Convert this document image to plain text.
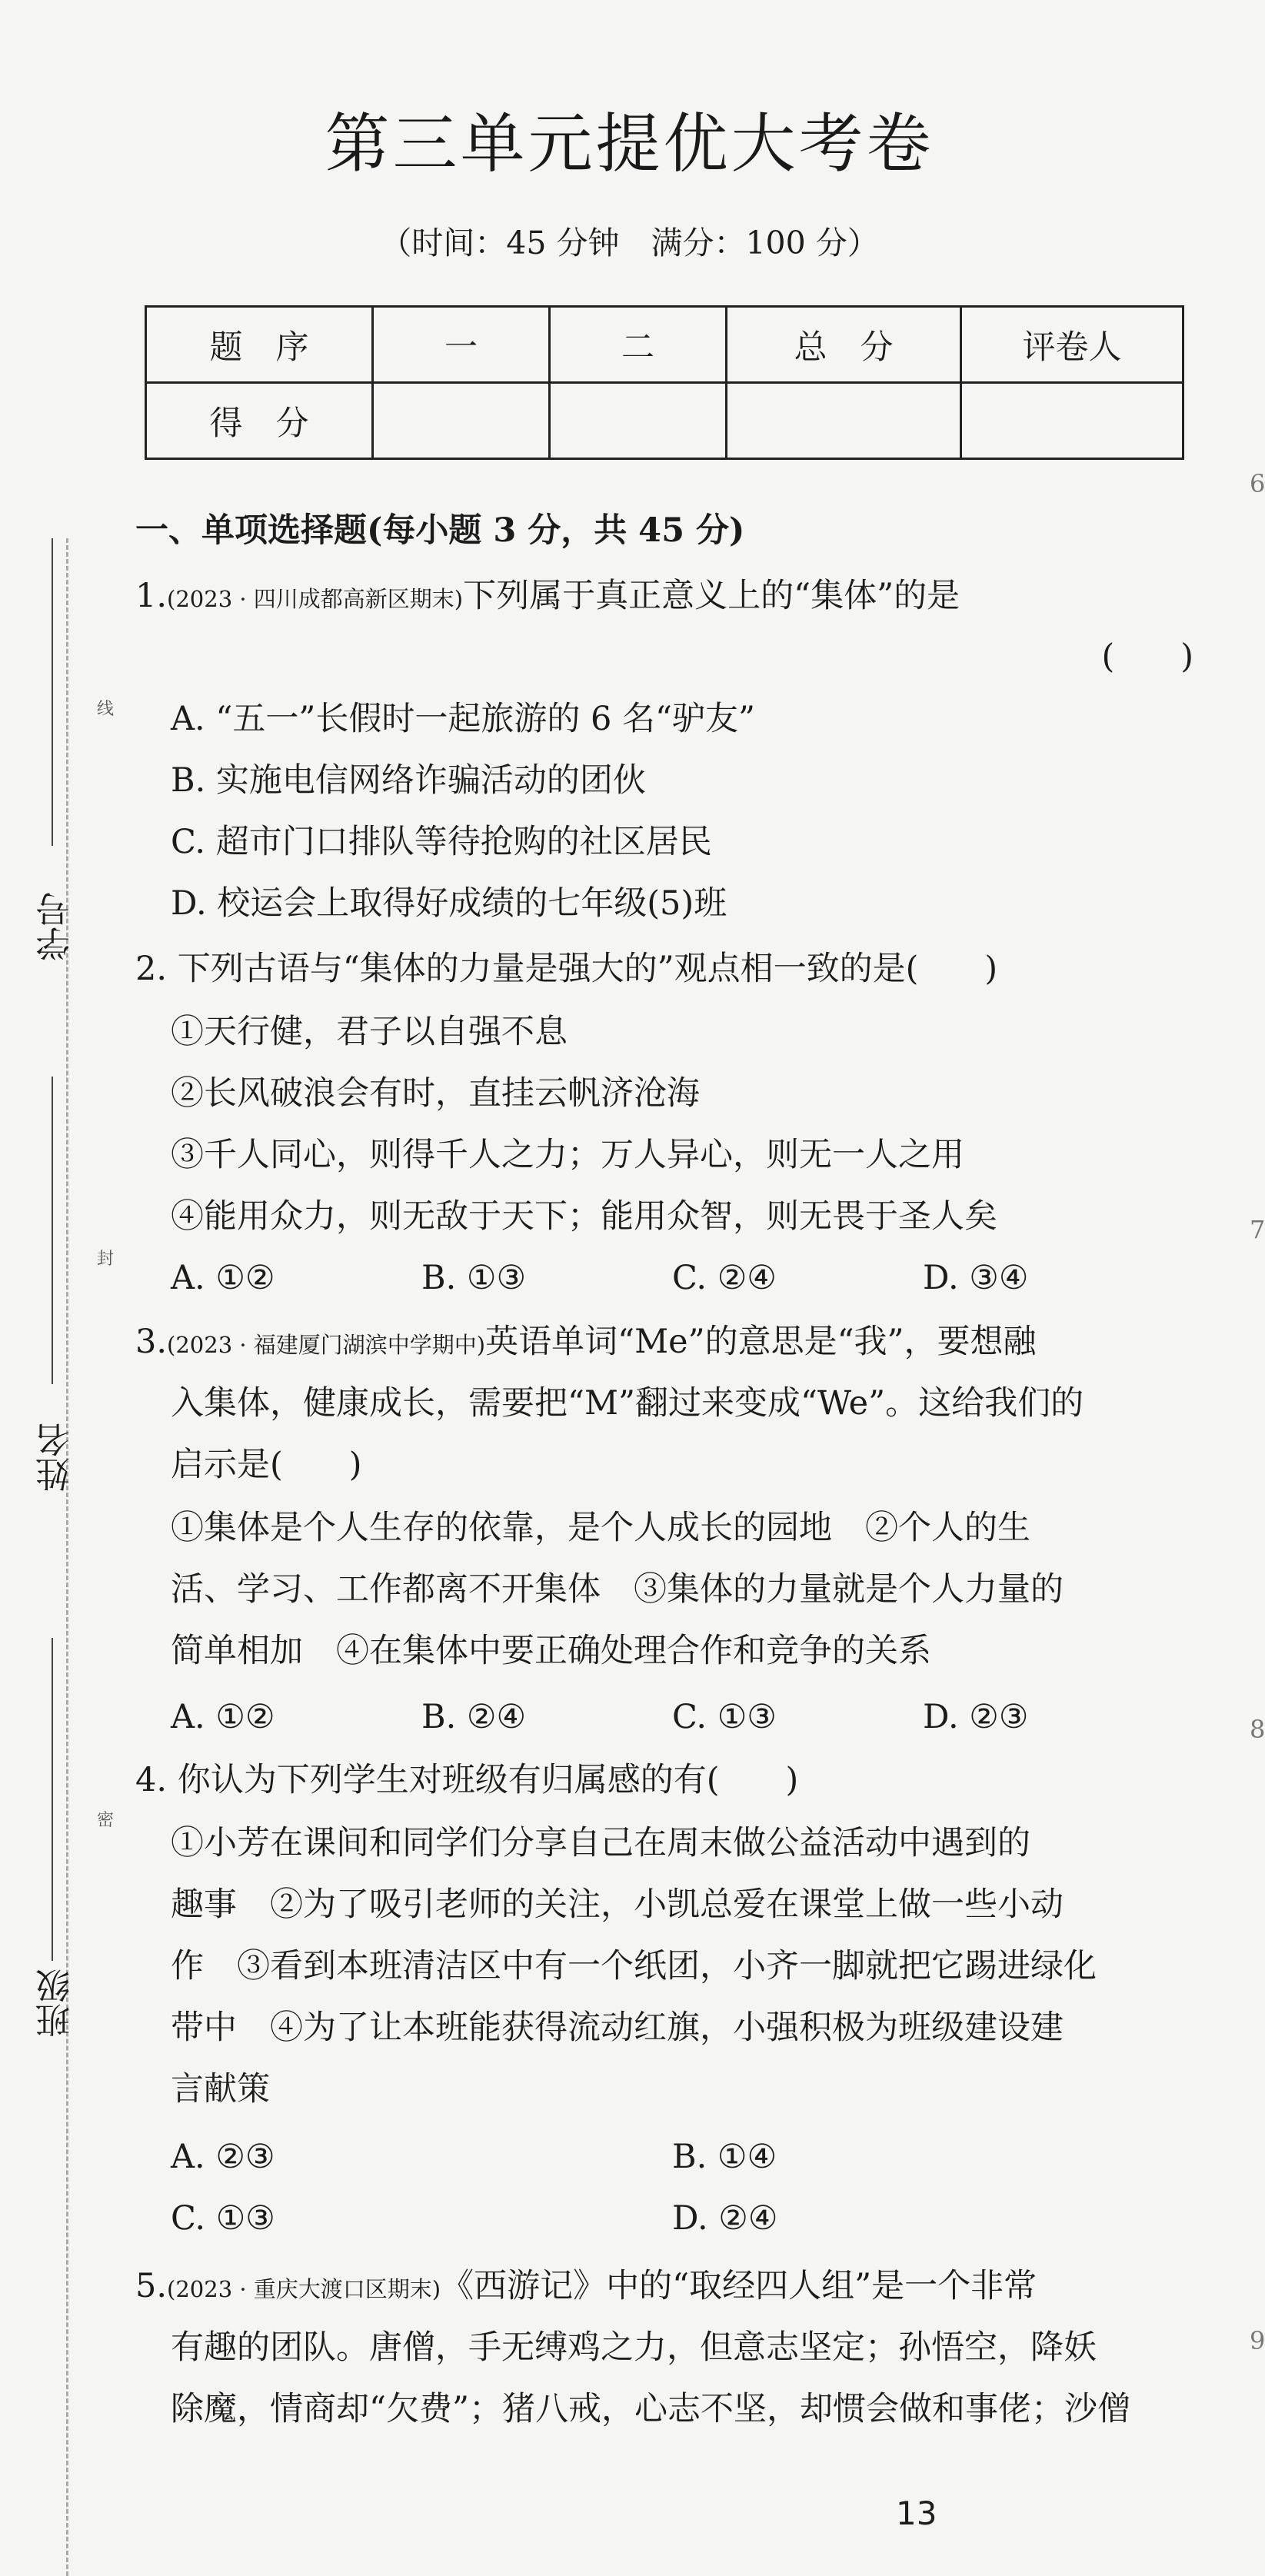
第三单元提优大考卷
（时间：45 分钟　满分：100 分）
题　序	一	二	总　分	评卷人
得　分				
学号
姓名
班级
线
封
密
一、单项选择题(每小题 3 分，共 45 分)
1.(2023 · 四川成都高新区期末)下列属于真正意义上的“集体”的是
(　　)
A. “五一”长假时一起旅游的 6 名“驴友”
B. 实施电信网络诈骗活动的团伙
C. 超市门口排队等待抢购的社区居民
D. 校运会上取得好成绩的七年级(5)班
2. 下列古语与“集体的力量是强大的”观点相一致的是(　　)
①天行健，君子以自强不息
②长风破浪会有时，直挂云帆济沧海
③千人同心，则得千人之力；万人异心，则无一人之用
④能用众力，则无敌于天下；能用众智，则无畏于圣人矣
A. ①②	B. ①③	C. ②④	D. ③④
3.(2023 · 福建厦门湖滨中学期中)英语单词“Me”的意思是“我”，要想融
入集体，健康成长，需要把“M”翻过来变成“We”。这给我们的
启示是(　　)
①集体是个人生存的依靠，是个人成长的园地　②个人的生
活、学习、工作都离不开集体　③集体的力量就是个人力量的
简单相加　④在集体中要正确处理合作和竞争的关系
A. ①②	B. ②④	C. ①③	D. ②③
4. 你认为下列学生对班级有归属感的有(　　)
①小芳在课间和同学们分享自己在周末做公益活动中遇到的
趣事　②为了吸引老师的关注，小凯总爱在课堂上做一些小动
作　③看到本班清洁区中有一个纸团，小齐一脚就把它踢进绿化
带中　④为了让本班能获得流动红旗，小强积极为班级建设建
言献策
A. ②③	B. ①④
C. ①③	D. ②④
5.(2023 · 重庆大渡口区期末)《西游记》中的“取经四人组”是一个非常
有趣的团队。唐僧，手无缚鸡之力，但意志坚定；孙悟空，降妖
除魔，情商却“欠费”；猪八戒，心志不坚，却惯会做和事佬；沙僧
13
6
7
8
9
